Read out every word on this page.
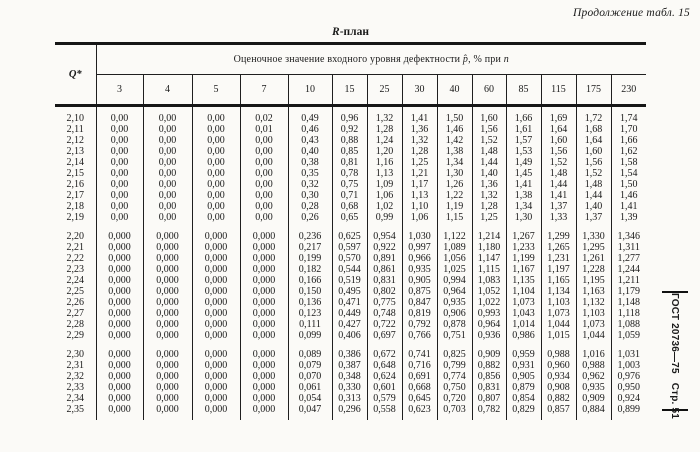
Продолжение табл. 15
R-план
Q*	Оценочное значение входного уровня дефектности p̂, % при n													
	3	4	5	7	10	15	25	30	40	60	85	115	175	230

2,10	0,00	0,00	0,00	0,02	0,49	0,96	1,32	1,41	1,50	1,60	1,66	1,69	1,72	1,74
2,11	0,00	0,00	0,00	0,01	0,46	0,92	1,28	1,36	1,46	1,56	1,61	1,64	1,68	1,70
2,12	0,00	0,00	0,00	0,00	0,43	0,88	1,24	1,32	1,42	1,52	1,57	1,60	1,64	1,66
2,13	0,00	0,00	0,00	0,00	0,40	0,85	1,20	1,28	1,38	1,48	1,53	1,56	1,60	1,62
2,14	0,00	0,00	0,00	0,00	0,38	0,81	1,16	1,25	1,34	1,44	1,49	1,52	1,56	1,58
2,15	0,00	0,00	0,00	0,00	0,35	0,78	1,13	1,21	1,30	1,40	1,45	1,48	1,52	1,54
2,16	0,00	0,00	0,00	0,00	0,32	0,75	1,09	1,17	1,26	1,36	1,41	1,44	1,48	1,50
2,17	0,00	0,00	0,00	0,00	0,30	0,71	1,06	1,13	1,22	1,32	1,38	1,41	1,44	1,46
2,18	0,00	0,00	0,00	0,00	0,28	0,68	1,02	1,10	1,19	1,28	1,34	1,37	1,40	1,41
2,19	0,00	0,00	0,00	0,00	0,26	0,65	0,99	1,06	1,15	1,25	1,30	1,33	1,37	1,39

2,20	0,000	0,000	0,000	0,000	0,236	0,625	0,954	1,030	1,122	1,214	1,267	1,299	1,330	1,346
2,21	0,000	0,000	0,000	0,000	0,217	0,597	0,922	0,997	1,089	1,180	1,233	1,265	1,295	1,311
2,22	0,000	0,000	0,000	0,000	0,199	0,570	0,891	0,966	1,056	1,147	1,199	1,231	1,261	1,277
2,23	0,000	0,000	0,000	0,000	0,182	0,544	0,861	0,935	1,025	1,115	1,167	1,197	1,228	1,244
2,24	0,000	0,000	0,000	0,000	0,166	0,519	0,831	0,905	0,994	1,083	1,135	1,165	1,195	1,211
2,25	0,000	0,000	0,000	0,000	0,150	0,495	0,802	0,875	0,964	1,052	1,104	1,134	1,163	1,179
2,26	0,000	0,000	0,000	0,000	0,136	0,471	0,775	0,847	0,935	1,022	1,073	1,103	1,132	1,148
2,27	0,000	0,000	0,000	0,000	0,123	0,449	0,748	0,819	0,906	0,993	1,043	1,073	1,103	1,118
2,28	0,000	0,000	0,000	0,000	0,111	0,427	0,722	0,792	0,878	0,964	1,014	1,044	1,073	1,088
2,29	0,000	0,000	0,000	0,000	0,099	0,406	0,697	0,766	0,751	0,936	0,986	1,015	1,044	1,059

2,30	0,000	0,000	0,000	0,000	0,089	0,386	0,672	0,741	0,825	0,909	0,959	0,988	1,016	1,031
2,31	0,000	0,000	0,000	0,000	0,079	0,387	0,648	0,716	0,799	0,882	0,931	0,960	0,988	1,003
2,32	0,000	0,000	0,000	0,000	0,070	0,348	0,624	0,691	0,774	0,856	0,905	0,934	0,962	0,976
2,33	0,000	0,000	0,000	0,000	0,061	0,330	0,601	0,668	0,750	0,831	0,879	0,908	0,935	0,950
2,34	0,000	0,000	0,000	0,000	0,054	0,313	0,579	0,645	0,720	0,807	0,854	0,882	0,909	0,924
2,35	0,000	0,000	0,000	0,000	0,047	0,296	0,558	0,623	0,703	0,782	0,829	0,857	0,884	0,899

ГОСТ 20736—75Стр. 51
